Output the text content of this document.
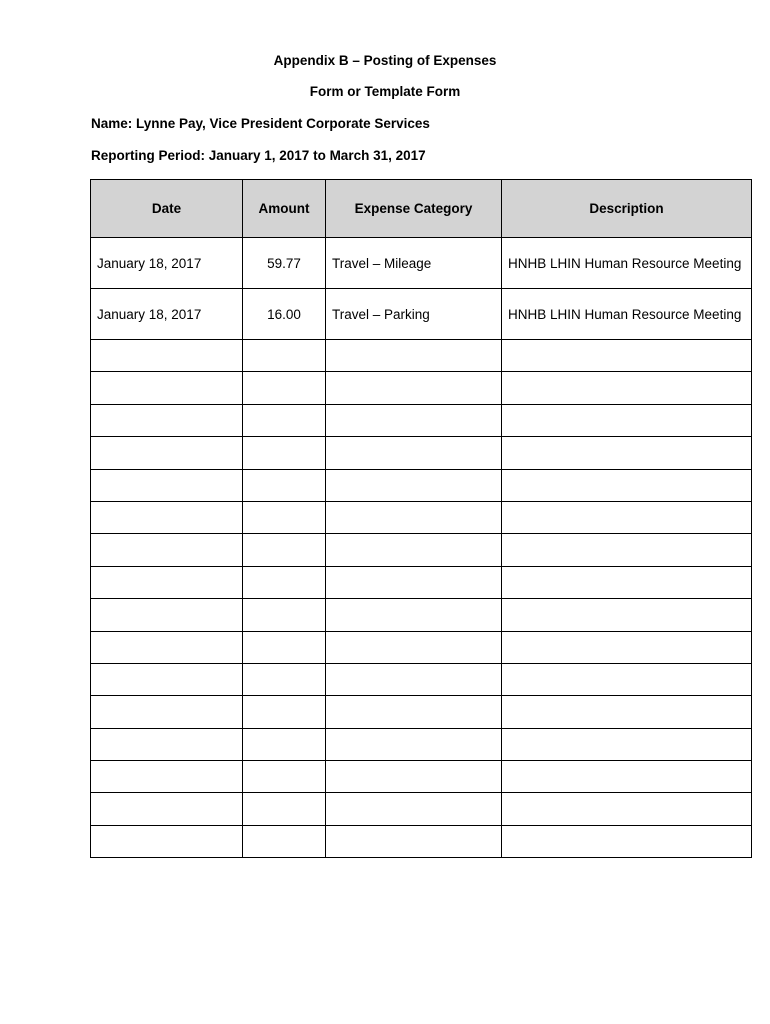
Appendix B – Posting of Expenses
Form or Template Form
Name: Lynne Pay, Vice President Corporate Services
Reporting Period: January 1, 2017 to March 31, 2017
Date	Amount	Expense Category	Description
January 18, 2017	59.77	Travel – Mileage	HNHB LHIN Human Resource Meeting
January 18, 2017	16.00	Travel – Parking	HNHB LHIN Human Resource Meeting
